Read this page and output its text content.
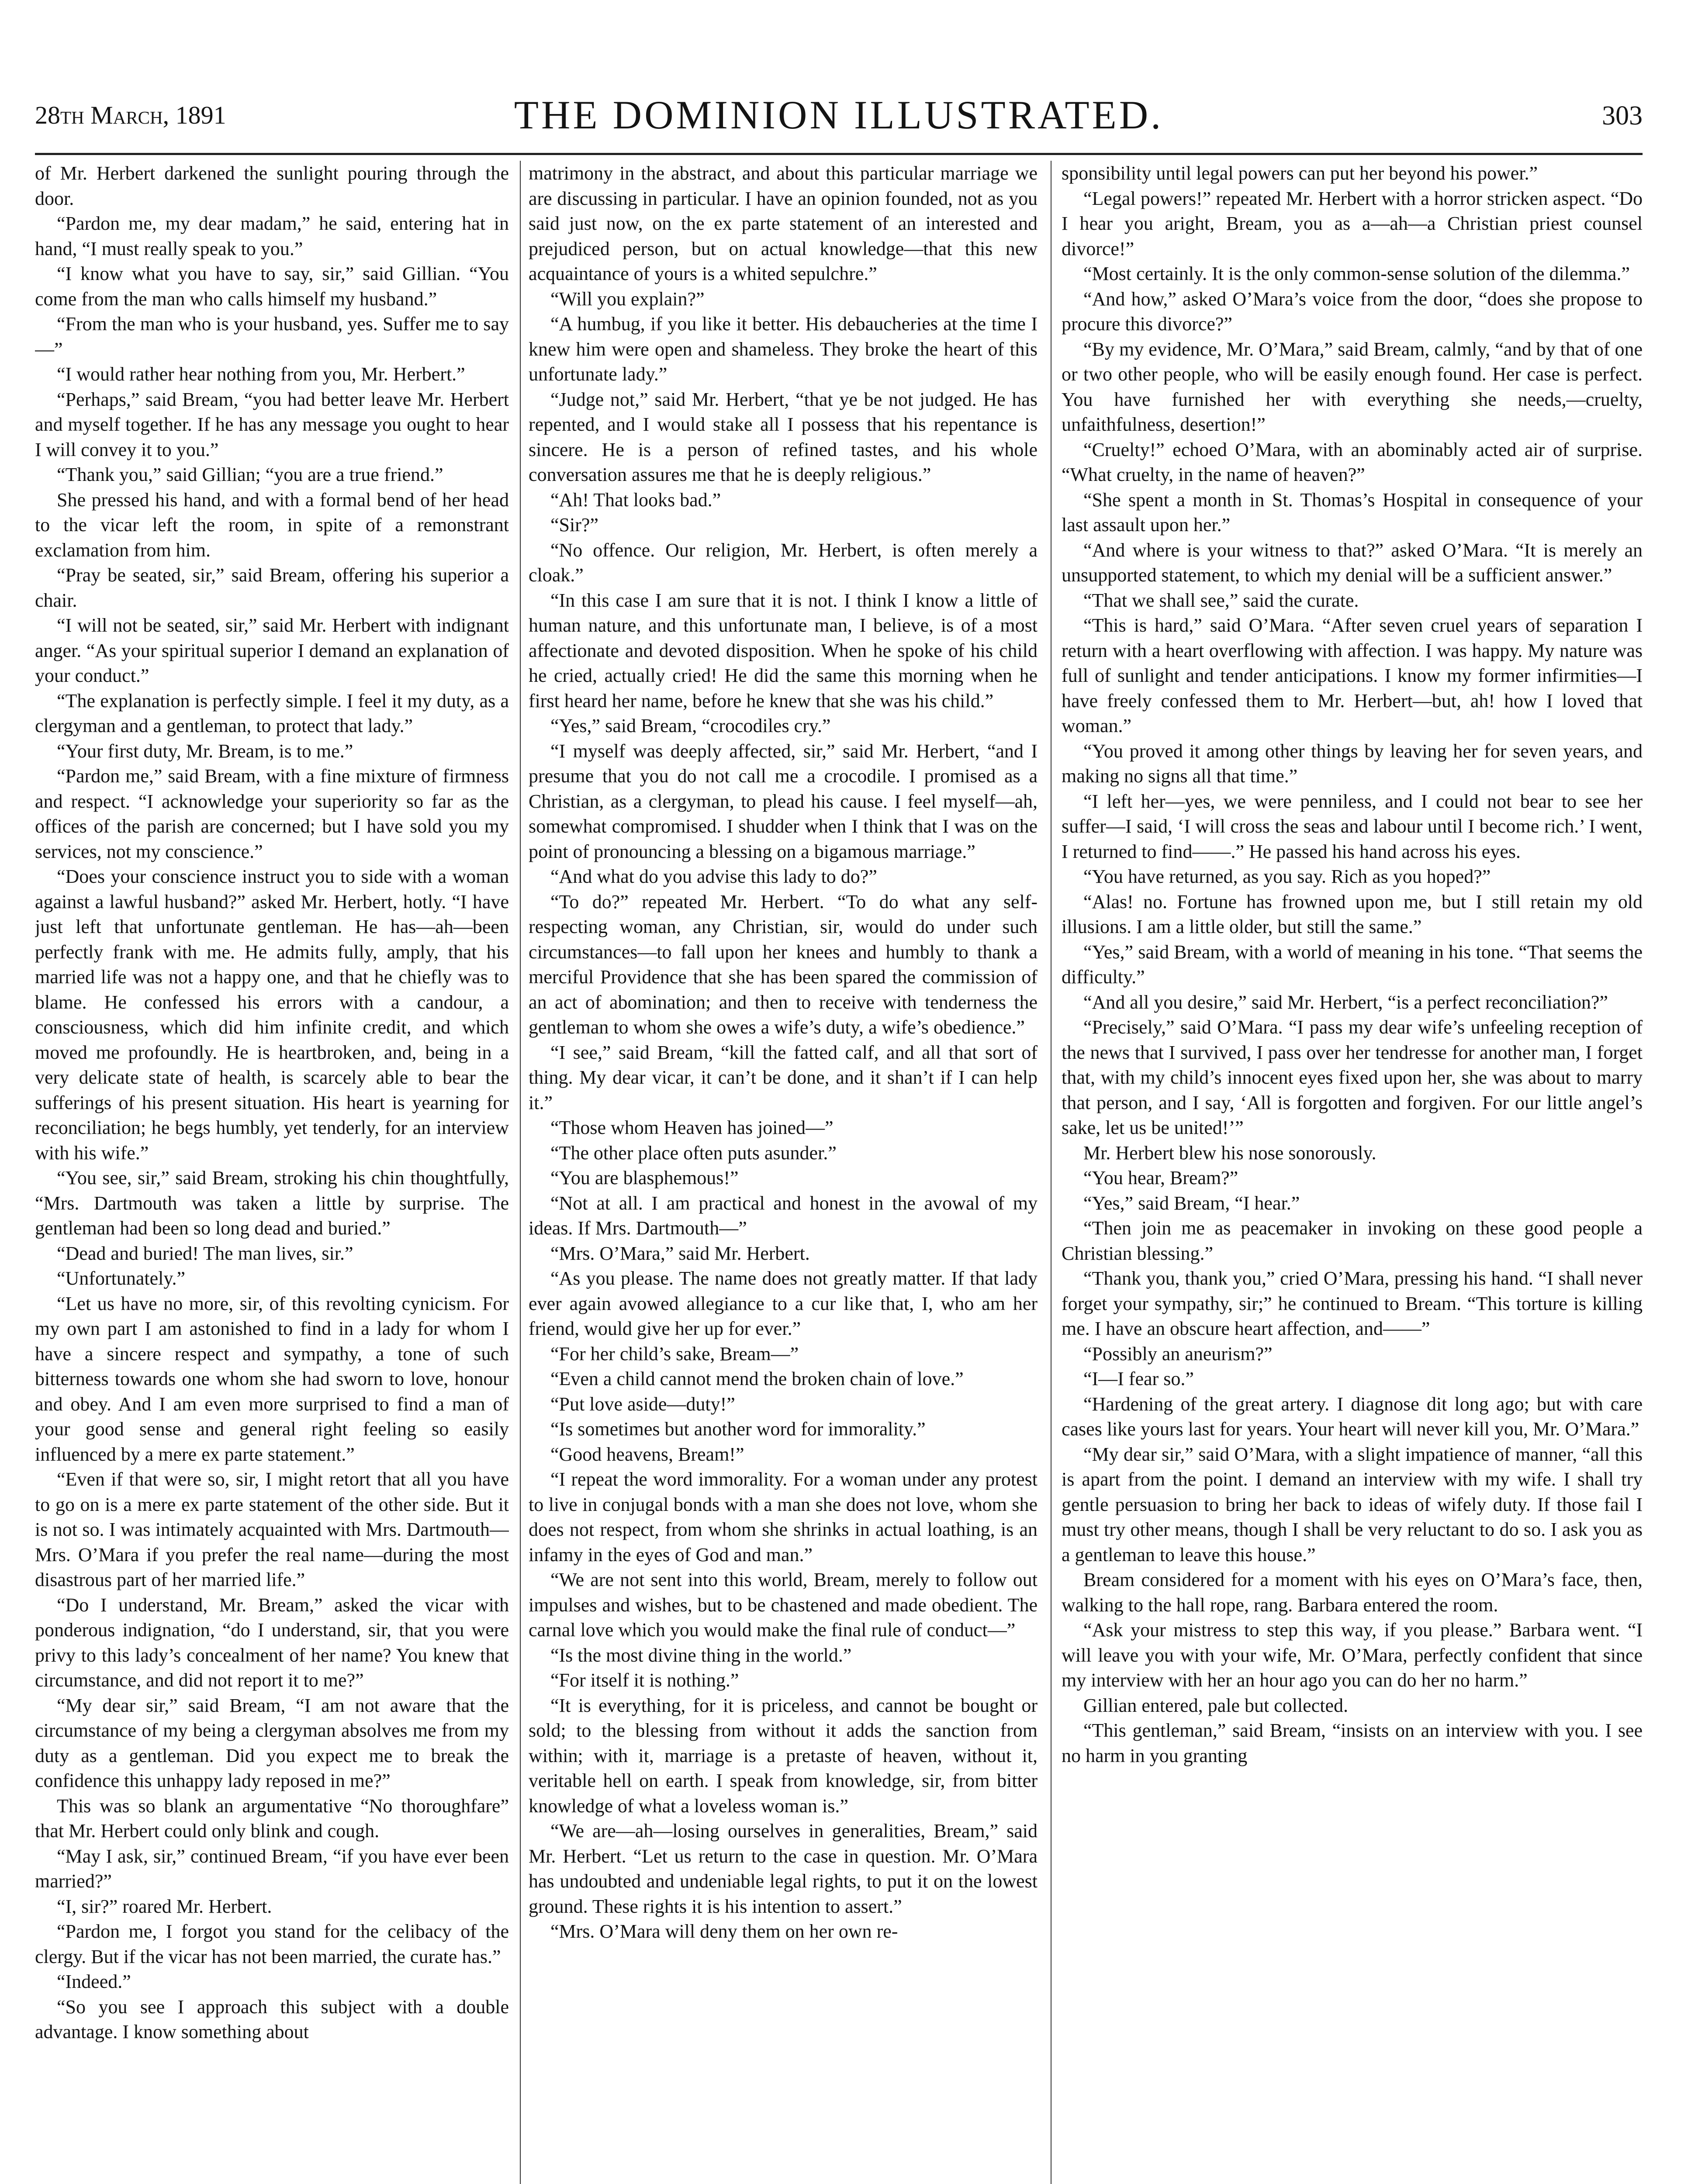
28th March, 1891	THE DOMINION ILLUSTRATED.	303

of Mr. Herbert darkened the sunlight pouring through the door.

“Pardon me, my dear madam,” he said, entering hat in hand, “I must really speak to you.”

“I know what you have to say, sir,” said Gillian. “You come from the man who calls himself my husband.”

“From the man who is your husband, yes. Suffer me to say—”

“I would rather hear nothing from you, Mr. Herbert.”

“Perhaps,” said Bream, “you had better leave Mr. Herbert and myself together. If he has any message you ought to hear I will convey it to you.”

“Thank you,” said Gillian; “you are a true friend.”

She pressed his hand, and with a formal bend of her head to the vicar left the room, in spite of a remonstrant exclamation from him.

“Pray be seated, sir,” said Bream, offering his superior a chair.

“I will not be seated, sir,” said Mr. Herbert with indignant anger. “As your spiritual superior I demand an explanation of your conduct.”

“The explanation is perfectly simple. I feel it my duty, as a clergyman and a gentleman, to protect that lady.”

“Your first duty, Mr. Bream, is to me.”

“Pardon me,” said Bream, with a fine mixture of firmness and respect. “I acknowledge your superiority so far as the offices of the parish are concerned; but I have sold you my services, not my conscience.”

“Does your conscience instruct you to side with a woman against a lawful husband?” asked Mr. Herbert, hotly. “I have just left that unfortunate gentleman. He has—ah—been perfectly frank with me. He admits fully, amply, that his married life was not a happy one, and that he chiefly was to blame. He confessed his errors with a candour, a consciousness, which did him infinite credit, and which moved me profoundly. He is heartbroken, and, being in a very delicate state of health, is scarcely able to bear the sufferings of his present situation. His heart is yearning for reconciliation; he begs humbly, yet tenderly, for an interview with his wife.”

“You see, sir,” said Bream, stroking his chin thoughtfully, “Mrs. Dartmouth was taken a little by surprise. The gentleman had been so long dead and buried.”

“Dead and buried! The man lives, sir.”

“Unfortunately.”

“Let us have no more, sir, of this revolting cynicism. For my own part I am astonished to find in a lady for whom I have a sincere respect and sympathy, a tone of such bitterness towards one whom she had sworn to love, honour and obey. And I am even more surprised to find a man of your good sense and general right feeling so easily influenced by a mere ex parte statement.”

“Even if that were so, sir, I might retort that all you have to go on is a mere ex parte statement of the other side. But it is not so. I was intimately acquainted with Mrs. Dartmouth—Mrs. O’Mara if you prefer the real name—during the most disastrous part of her married life.”

“Do I understand, Mr. Bream,” asked the vicar with ponderous indignation, “do I understand, sir, that you were privy to this lady’s concealment of her name? You knew that circumstance, and did not report it to me?”

“My dear sir,” said Bream, “I am not aware that the circumstance of my being a clergyman absolves me from my duty as a gentleman. Did you expect me to break the confidence this unhappy lady reposed in me?”

This was so blank an argumentative “No thoroughfare” that Mr. Herbert could only blink and cough.

“May I ask, sir,” continued Bream, “if you have ever been married?”

“I, sir?” roared Mr. Herbert.

“Pardon me, I forgot you stand for the celibacy of the clergy. But if the vicar has not been married, the curate has.”

“Indeed.”

“So you see I approach this subject with a double advantage. I know something about

matrimony in the abstract, and about this particular marriage we are discussing in particular. I have an opinion founded, not as you said just now, on the ex parte statement of an interested and prejudiced person, but on actual knowledge—that this new acquaintance of yours is a whited sepulchre.”

“Will you explain?”

“A humbug, if you like it better. His debaucheries at the time I knew him were open and shameless. They broke the heart of this unfortunate lady.”

“Judge not,” said Mr. Herbert, “that ye be not judged. He has repented, and I would stake all I possess that his repentance is sincere. He is a person of refined tastes, and his whole conversation assures me that he is deeply religious.”

“Ah! That looks bad.”

“Sir?”

“No offence. Our religion, Mr. Herbert, is often merely a cloak.”

“In this case I am sure that it is not. I think I know a little of human nature, and this unfortunate man, I believe, is of a most affectionate and devoted disposition. When he spoke of his child he cried, actually cried! He did the same this morning when he first heard her name, before he knew that she was his child.”

“Yes,” said Bream, “crocodiles cry.”

“I myself was deeply affected, sir,” said Mr. Herbert, “and I presume that you do not call me a crocodile. I promised as a Christian, as a clergyman, to plead his cause. I feel myself—ah, somewhat compromised. I shudder when I think that I was on the point of pronouncing a blessing on a bigamous marriage.”

“And what do you advise this lady to do?”

“To do?” repeated Mr. Herbert. “To do what any self-respecting woman, any Christian, sir, would do under such circumstances—to fall upon her knees and humbly to thank a merciful Providence that she has been spared the commission of an act of abomination; and then to receive with tenderness the gentleman to whom she owes a wife’s duty, a wife’s obedience.”

“I see,” said Bream, “kill the fatted calf, and all that sort of thing. My dear vicar, it can’t be done, and it shan’t if I can help it.”

“Those whom Heaven has joined—”

“The other place often puts asunder.”

“You are blasphemous!”

“Not at all. I am practical and honest in the avowal of my ideas. If Mrs. Dartmouth—”

“Mrs. O’Mara,” said Mr. Herbert.

“As you please. The name does not greatly matter. If that lady ever again avowed allegiance to a cur like that, I, who am her friend, would give her up for ever.”

“For her child’s sake, Bream—”

“Even a child cannot mend the broken chain of love.”

“Put love aside—duty!”

“Is sometimes but another word for immorality.”

“Good heavens, Bream!”

“I repeat the word immorality. For a woman under any protest to live in conjugal bonds with a man she does not love, whom she does not respect, from whom she shrinks in actual loathing, is an infamy in the eyes of God and man.”

“We are not sent into this world, Bream, merely to follow out impulses and wishes, but to be chastened and made obedient. The carnal love which you would make the final rule of conduct—”

“Is the most divine thing in the world.”

“For itself it is nothing.”

“It is everything, for it is priceless, and cannot be bought or sold; to the blessing from without it adds the sanction from within; with it, marriage is a pretaste of heaven, without it, veritable hell on earth. I speak from knowledge, sir, from bitter knowledge of what a loveless woman is.”

“We are—ah—losing ourselves in generalities, Bream,” said Mr. Herbert. “Let us return to the case in question. Mr. O’Mara has undoubted and undeniable legal rights, to put it on the lowest ground. These rights it is his intention to assert.”

“Mrs. O’Mara will deny them on her own re-

sponsibility until legal powers can put her beyond his power.”

“Legal powers!” repeated Mr. Herbert with a horror stricken aspect. “Do I hear you aright, Bream, you as a—ah—a Christian priest counsel divorce!”

“Most certainly. It is the only common-sense solution of the dilemma.”

“And how,” asked O’Mara’s voice from the door, “does she propose to procure this divorce?”

“By my evidence, Mr. O’Mara,” said Bream, calmly, “and by that of one or two other people, who will be easily enough found. Her case is perfect. You have furnished her with everything she needs,—cruelty, unfaithfulness, desertion!”

“Cruelty!” echoed O’Mara, with an abominably acted air of surprise. “What cruelty, in the name of heaven?”

“She spent a month in St. Thomas’s Hospital in consequence of your last assault upon her.”

“And where is your witness to that?” asked O’Mara. “It is merely an unsupported statement, to which my denial will be a sufficient answer.”

“That we shall see,” said the curate.

“This is hard,” said O’Mara. “After seven cruel years of separation I return with a heart overflowing with affection. I was happy. My nature was full of sunlight and tender anticipations. I know my former infirmities—I have freely confessed them to Mr. Herbert—but, ah! how I loved that woman.”

“You proved it among other things by leaving her for seven years, and making no signs all that time.”

“I left her—yes, we were penniless, and I could not bear to see her suffer—I said, ‘I will cross the seas and labour until I become rich.’ I went, I returned to find——.” He passed his hand across his eyes.

“You have returned, as you say. Rich as you hoped?”

“Alas! no. Fortune has frowned upon me, but I still retain my old illusions. I am a little older, but still the same.”

“Yes,” said Bream, with a world of meaning in his tone. “That seems the difficulty.”

“And all you desire,” said Mr. Herbert, “is a perfect reconciliation?”

“Precisely,” said O’Mara. “I pass my dear wife’s unfeeling reception of the news that I survived, I pass over her tendresse for another man, I forget that, with my child’s innocent eyes fixed upon her, she was about to marry that person, and I say, ‘All is forgotten and forgiven. For our little angel’s sake, let us be united!’”

Mr. Herbert blew his nose sonorously.

“You hear, Bream?”

“Yes,” said Bream, “I hear.”

“Then join me as peacemaker in invoking on these good people a Christian blessing.”

“Thank you, thank you,” cried O’Mara, pressing his hand. “I shall never forget your sympathy, sir;” he continued to Bream. “This torture is killing me. I have an obscure heart affection, and——”

“Possibly an aneurism?”

“I—I fear so.”

“Hardening of the great artery. I diagnose dit long ago; but with care cases like yours last for years. Your heart will never kill you, Mr. O’Mara.”

“My dear sir,” said O’Mara, with a slight impatience of manner, “all this is apart from the point. I demand an interview with my wife. I shall try gentle persuasion to bring her back to ideas of wifely duty. If those fail I must try other means, though I shall be very reluctant to do so. I ask you as a gentleman to leave this house.”

Bream considered for a moment with his eyes on O’Mara’s face, then, walking to the hall rope, rang. Barbara entered the room.

“Ask your mistress to step this way, if you please.” Barbara went. “I will leave you with your wife, Mr. O’Mara, perfectly confident that since my interview with her an hour ago you can do her no harm.”

Gillian entered, pale but collected.

“This gentleman,” said Bream, “insists on an interview with you. I see no harm in you granting
